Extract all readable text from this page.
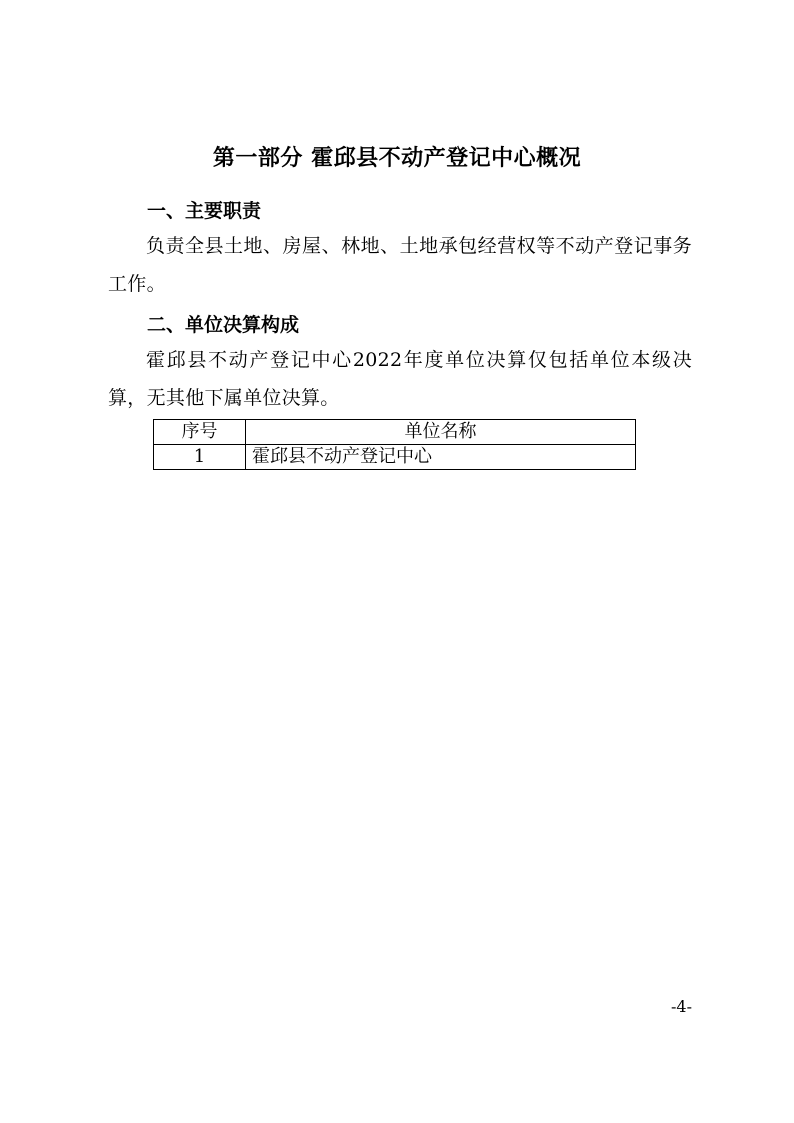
第一部分 霍邱县不动产登记中心概况
一、主要职责
负责全县土地、房屋、林地、土地承包经营权等不动产登记事务工作。
二、单位决算构成
霍邱县不动产登记中心2022年度单位决算仅包括单位本级决算，无其他下属单位决算。
序号	单位名称
1	霍邱县不动产登记中心
-4-
